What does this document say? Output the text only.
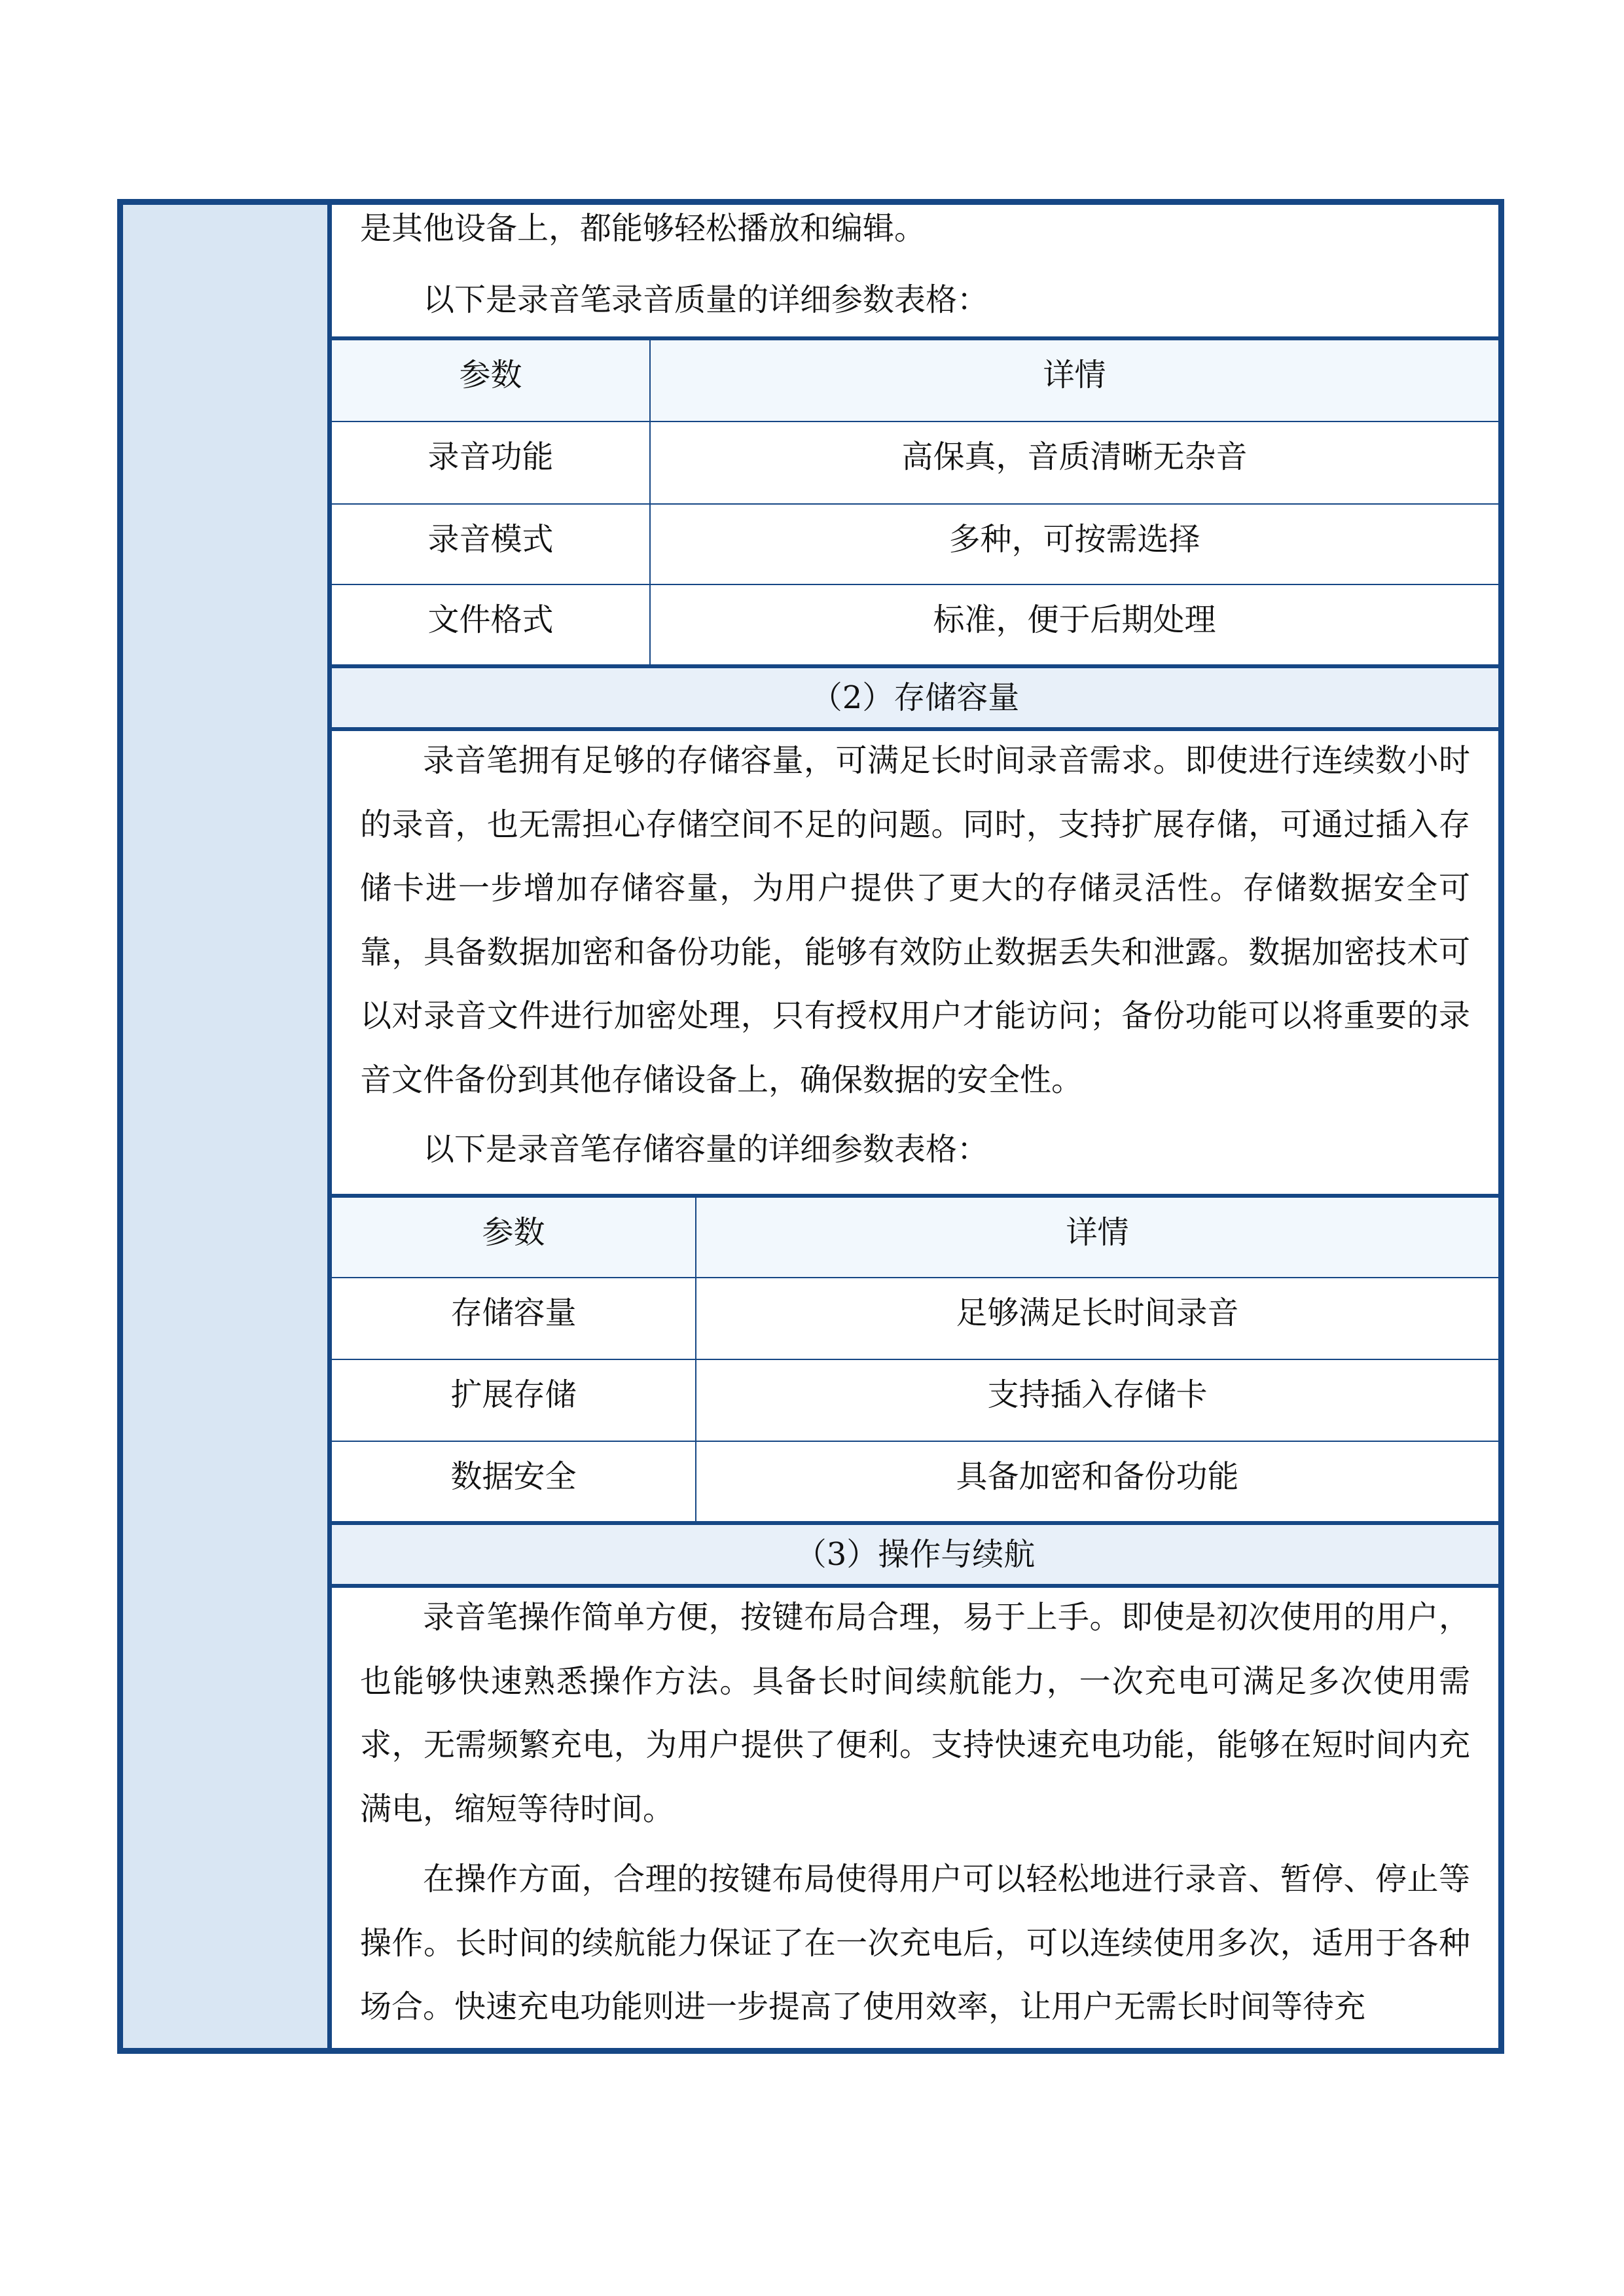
是其他设备上，都能够轻松播放和编辑。
以下是录音笔录音质量的详细参数表格：
参数	详情
录音功能	高保真，音质清晰无杂音
录音模式	多种，可按需选择
文件格式	标准，便于后期处理
（2）存储容量
录音笔拥有足够的存储容量，可满足长时间录音需求。即使进行连续数小时的录音，也无需担心存储空间不足的问题。同时，支持扩展存储，可通过插入存储卡进一步增加存储容量，为用户提供了更大的存储灵活性。存储数据安全可靠，具备数据加密和备份功能，能够有效防止数据丢失和泄露。数据加密技术可以对录音文件进行加密处理，只有授权用户才能访问；备份功能可以将重要的录音文件备份到其他存储设备上，确保数据的安全性。
以下是录音笔存储容量的详细参数表格：
参数	详情
存储容量	足够满足长时间录音
扩展存储	支持插入存储卡
数据安全	具备加密和备份功能
（3）操作与续航
录音笔操作简单方便，按键布局合理，易于上手。即使是初次使用的用户，也能够快速熟悉操作方法。具备长时间续航能力，一次充电可满足多次使用需求，无需频繁充电，为用户提供了便利。支持快速充电功能，能够在短时间内充满电，缩短等待时间。
在操作方面，合理的按键布局使得用户可以轻松地进行录音、暂停、停止等操作。长时间的续航能力保证了在一次充电后，可以连续使用多次，适用于各种场合。快速充电功能则进一步提高了使用效率，让用户无需长时间等待充
